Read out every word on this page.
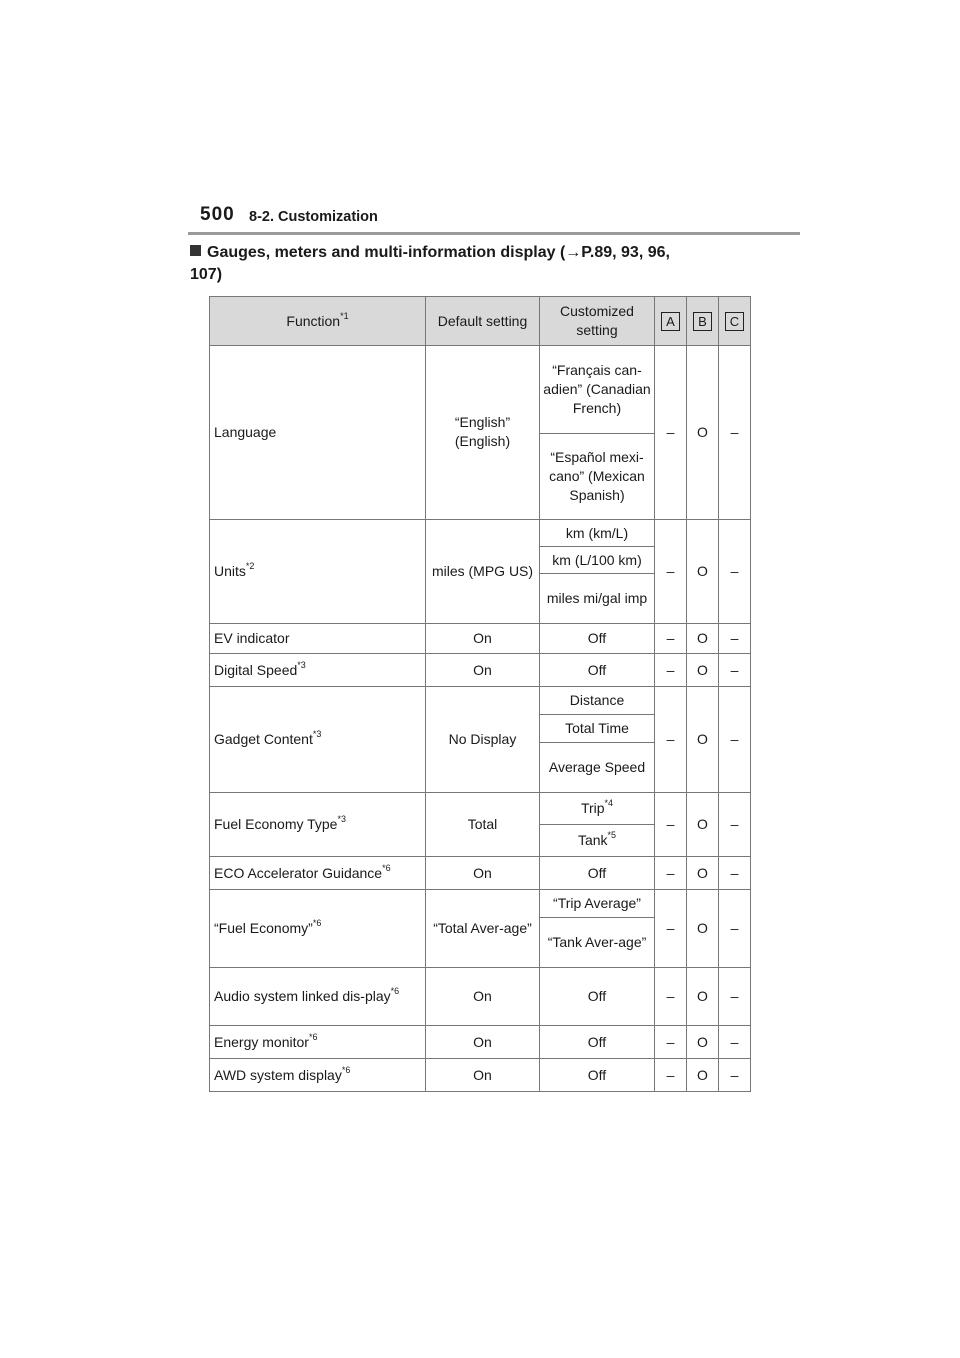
500 8-2. Customization
Gauges, meters and multi-information display (→P.89, 93, 96,
107)
Function$^{*1}$	Default setting	Customized setting	A	B	C
Language	“English” (English)	“Français can-adien” (Canadian French)	–	O	–
		“Español mexi-cano” (Mexican Spanish)			
Units$^{*2}$	miles (MPG US)	km (km/L)	–	O	–
		km (L/100 km)			
		miles mi/gal imp			
EV indicator	On	Off	–	O	–
Digital Speed$^{*3}$	On	Off	–	O	–
Gadget Content$^{*3}$	No Display	Distance	–	O	–
		Total Time			
		Average Speed			
Fuel Economy Type$^{*3}$	Total	Trip$^{*4}$	–	O	–
		Tank$^{*5}$
ECO Accelerator Guidance$^{*6}$	On	Off	–	O	–
“Fuel Economy”$^{*6}$	“Total Aver-age”	“Trip Average”	–	O	–
		“Tank Aver-age”			
Audio system linked dis-play$^{*6}$	On	Off	–	O	–
Energy monitor$^{*6}$	On	Off	–	O	–
AWD system display$^{*6}$	On	Off	–	O	–
